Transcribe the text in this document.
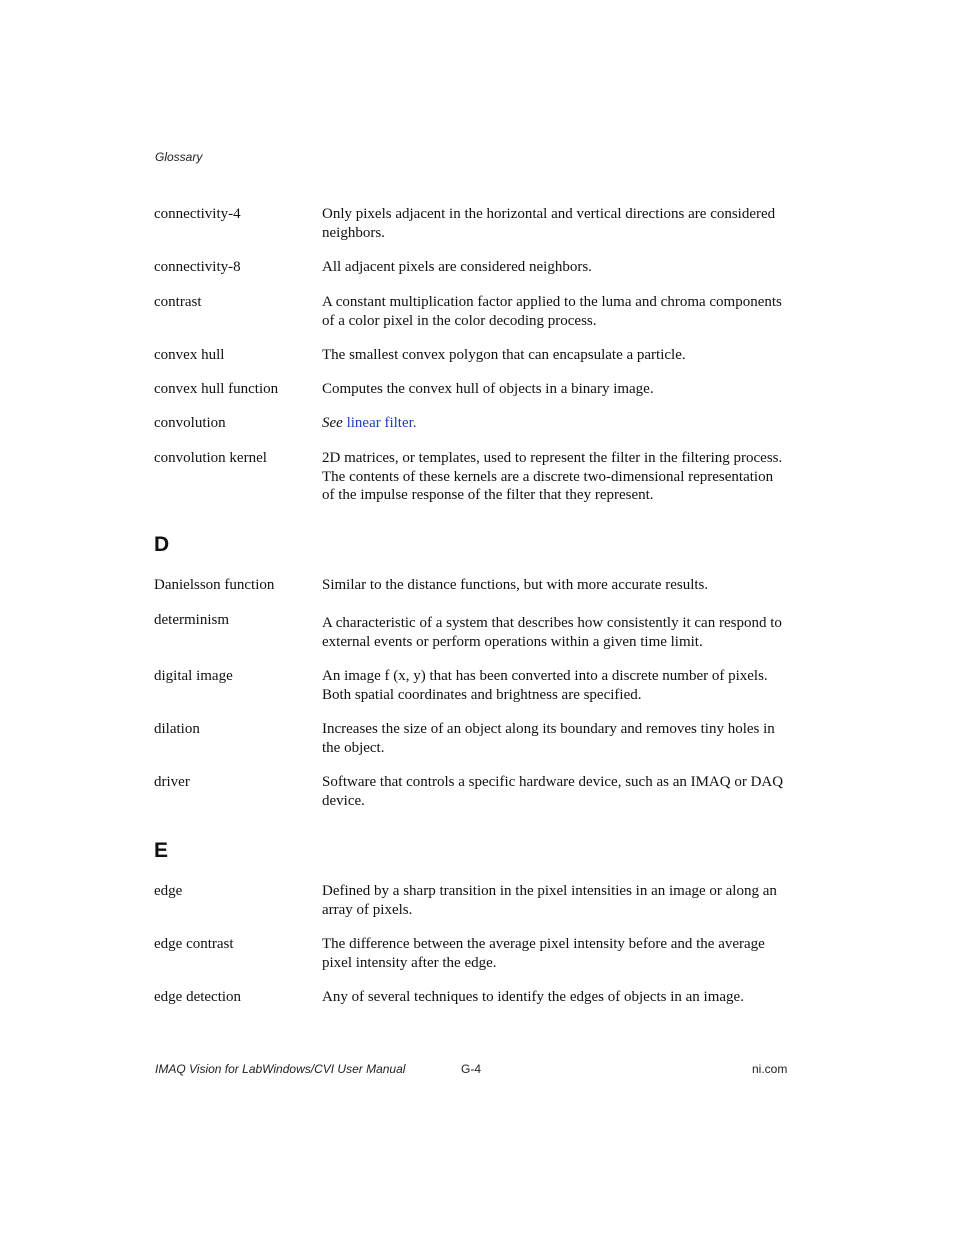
Glossary
connectivity-4	Only pixels adjacent in the horizontal and vertical directions are considered neighbors.
connectivity-8	All adjacent pixels are considered neighbors.
contrast	A constant multiplication factor applied to the luma and chroma components of a color pixel in the color decoding process.
convex hull	The smallest convex polygon that can encapsulate a particle.
convex hull function	Computes the convex hull of objects in a binary image.
convolution	See linear filter.
convolution kernel	2D matrices, or templates, used to represent the filter in the filtering process. The contents of these kernels are a discrete two-dimensional representation of the impulse response of the filter that they represent.
D
Danielsson function	Similar to the distance functions, but with more accurate results.
determinism	A characteristic of a system that describes how consistently it can respond to external events or perform operations within a given time limit.
digital image	An image f (x, y) that has been converted into a discrete number of pixels. Both spatial coordinates and brightness are specified.
dilation	Increases the size of an object along its boundary and removes tiny holes in the object.
driver	Software that controls a specific hardware device, such as an IMAQ or DAQ device.
E
edge	Defined by a sharp transition in the pixel intensities in an image or along an array of pixels.
edge contrast	The difference between the average pixel intensity before and the average pixel intensity after the edge.
edge detection	Any of several techniques to identify the edges of objects in an image.
IMAQ Vision for LabWindows/CVI User Manual	G-4	ni.com
